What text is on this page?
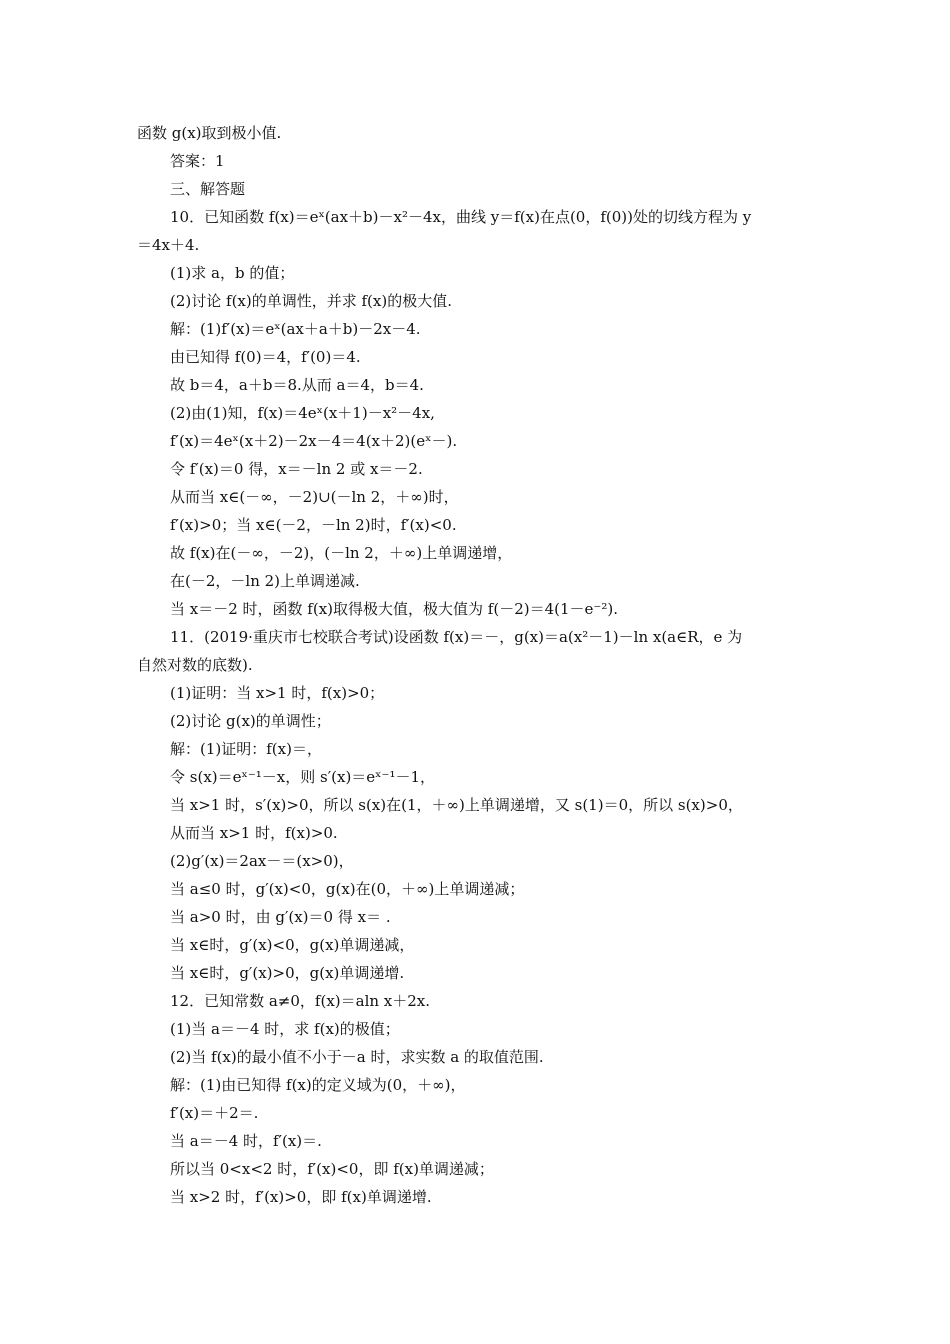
函数 g(x)取到极小值.
答案：1
三、解答题
10．已知函数 f(x)＝eˣ(ax＋b)－x²－4x，曲线 y＝f(x)在点(0，f(0))处的切线方程为 y
＝4x＋4.
(1)求 a，b 的值；
(2)讨论 f(x)的单调性，并求 f(x)的极大值.
解：(1)f′(x)＝eˣ(ax＋a＋b)－2x－4.
由已知得 f(0)＝4，f′(0)＝4.
故 b＝4，a＋b＝8.从而 a＝4，b＝4.
(2)由(1)知，f(x)＝4eˣ(x＋1)－x²－4x,
f′(x)＝4eˣ(x＋2)－2x－4＝4(x＋2)(eˣ－).
令 f′(x)＝0 得，x＝－ln 2 或 x＝－2.
从而当 x∈(－∞，－2)∪(－ln 2，＋∞)时，
f′(x)>0；当 x∈(－2，－ln 2)时，f′(x)<0.
故 f(x)在(－∞，－2)，(－ln 2，＋∞)上单调递增，
在(－2，－ln 2)上单调递减.
当 x＝－2 时，函数 f(x)取得极大值，极大值为 f(－2)＝4(1－e⁻²).
11．(2019·重庆市七校联合考试)设函数 f(x)＝－，g(x)＝a(x²－1)－ln x(a∈R，e 为
自然对数的底数).
(1)证明：当 x>1 时，f(x)>0；
(2)讨论 g(x)的单调性；
解：(1)证明：f(x)＝，
令 s(x)＝eˣ⁻¹－x，则 s′(x)＝eˣ⁻¹－1，
当 x>1 时，s′(x)>0，所以 s(x)在(1，＋∞)上单调递增，又 s(1)＝0，所以 s(x)>0，
从而当 x>1 时，f(x)>0.
(2)g′(x)＝2ax－＝(x>0)，
当 a≤0 时，g′(x)<0，g(x)在(0，＋∞)上单调递减；
当 a>0 时，由 g′(x)＝0 得 x＝ .
当 x∈时，g′(x)<0，g(x)单调递减，
当 x∈时，g′(x)>0，g(x)单调递增.
12．已知常数 a≠0，f(x)＝aln x＋2x.
(1)当 a＝－4 时，求 f(x)的极值；
(2)当 f(x)的最小值不小于－a 时，求实数 a 的取值范围.
解：(1)由已知得 f(x)的定义域为(0，＋∞)，
f′(x)＝＋2＝.
当 a＝－4 时，f′(x)＝.
所以当 0<x<2 时，f′(x)<0，即 f(x)单调递减；
当 x>2 时，f′(x)>0，即 f(x)单调递增.
